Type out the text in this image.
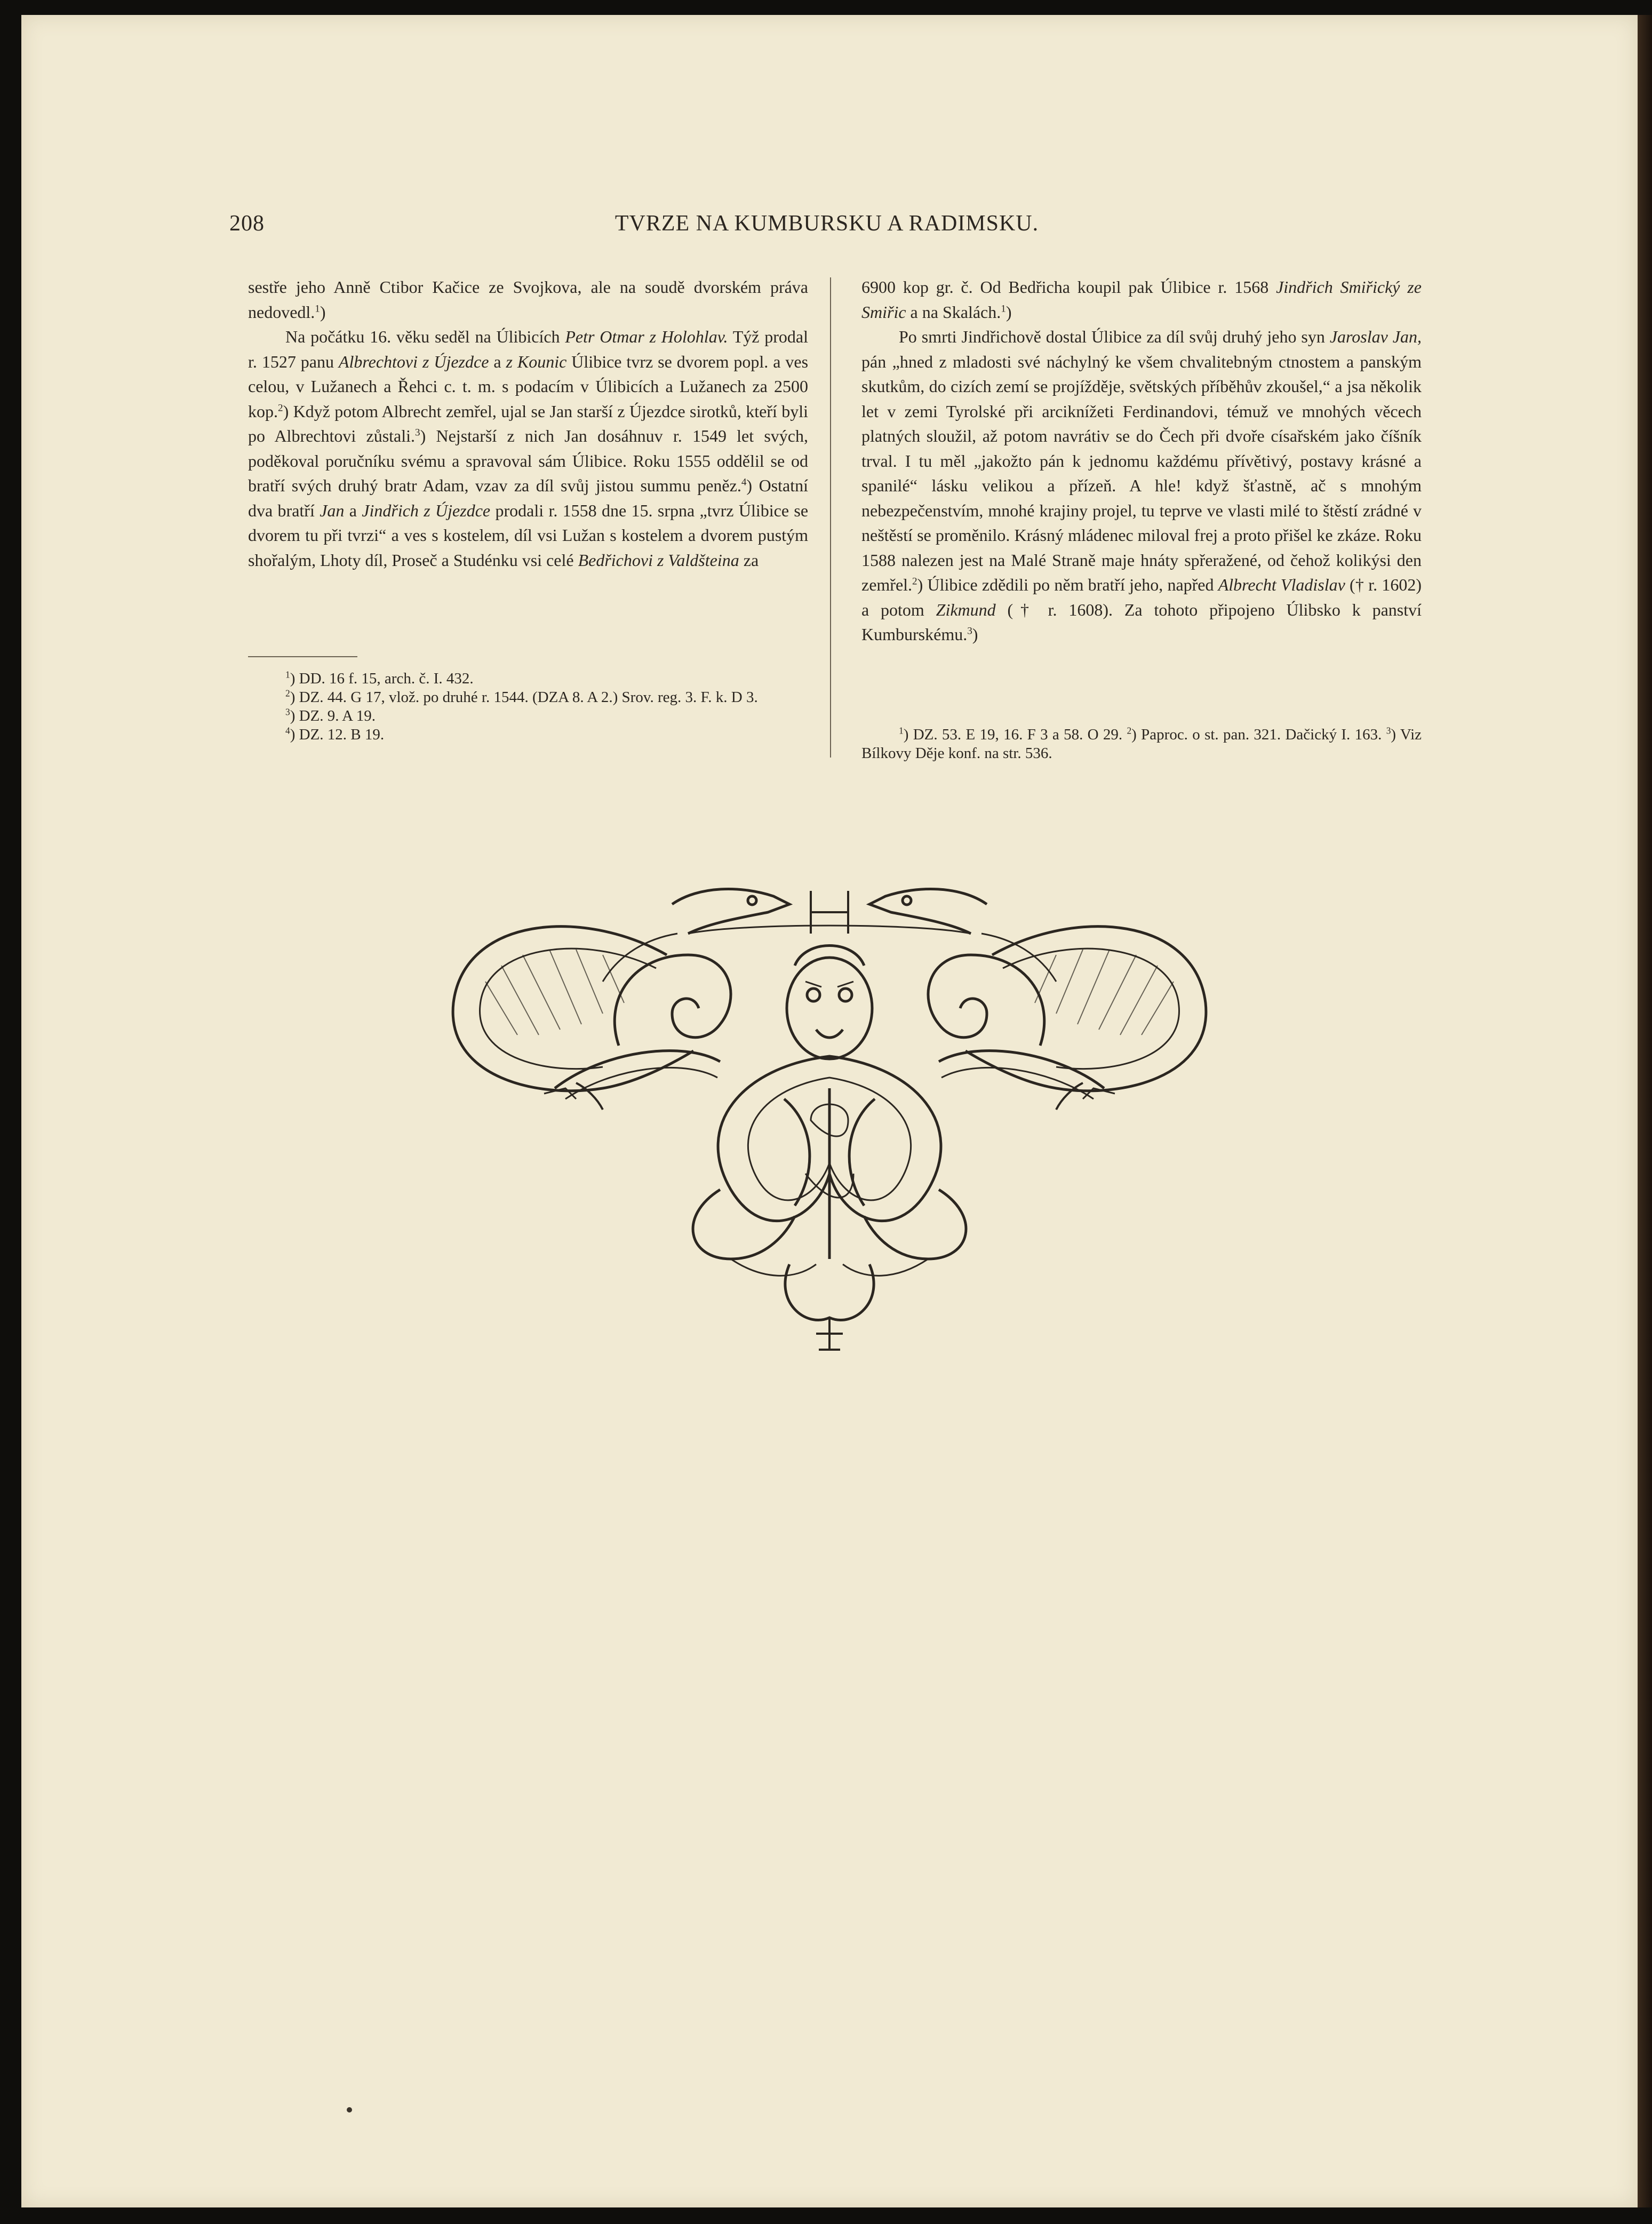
208	TVRZE NA KUMBURSKU A RADIMSKU.

sestře jeho Anně Ctibor Kačice ze Svojkova, ale na soudě dvorském práva nedovedl.$^1$)

Na počátku 16. věku seděl na Úlibicích Petr Otmar z Holohlav. Týž prodal r. 1527 panu Albrechtovi z Újezdce a z Kounic Úlibice tvrz se dvorem popl. a ves celou, v Lužanech a Řehci c. t. m. s podacím v Úlibicích a Lužanech za 2500 kop.$^2$) Když potom Albrecht zemřel, ujal se Jan starší z Újezdce sirotků, kteří byli po Albrechtovi zůstali.$^3$) Nejstarší z nich Jan dosáhnuv r. 1549 let svých, poděkoval poručníku svému a spravoval sám Úlibice. Roku 1555 oddělil se od bratří svých druhý bratr Adam, vzav za díl svůj jistou summu peněz.$^4$) Ostatní dva bratří Jan a Jindřich z Újezdce prodali r. 1558 dne 15. srpna „tvrz Úlibice se dvorem tu při tvrzi“ a ves s kostelem, díl vsi Lužan s kostelem a dvorem pustým shořalým, Lhoty díl, Proseč a Studénku vsi celé Bedřichovi z Valdšteina za

$^1$) DD. 16 f. 15, arch. č. I. 432.

$^2$) DZ. 44. G 17, vlož. po druhé r. 1544. (DZA 8. A 2.) Srov. reg. 3. F. k. D 3.

$^3$) DZ. 9. A 19.

$^4$) DZ. 12. B 19.

6900 kop gr. č. Od Bedřicha koupil pak Úlibice r. 1568 Jindřich Smiřický ze Smiřic a na Skalách.$^1$)

Po smrti Jindřichově dostal Úlibice za díl svůj druhý jeho syn Jaroslav Jan, pán „hned z mladosti své náchylný ke všem chvalitebným ctnostem a panským skutkům, do cizích zemí se projížděje, světských příběhův zkoušel,“ a jsa několik let v zemi Tyrolské při arciknížeti Ferdinandovi, témuž ve mnohých věcech platných sloužil, až potom navrátiv se do Čech při dvoře císařském jako číšník trval. I tu měl „jakožto pán k jednomu každému přívětivý, postavy krásné a spanilé“ lásku velikou a přízeň. A hle! když šťastně, ač s mnohým nebezpečenstvím, mnohé krajiny projel, tu teprve ve vlasti milé to štěstí zrádné v neštěstí se proměnilo. Krásný mládenec miloval frej a proto přišel ke zkáze. Roku 1588 nalezen jest na Malé Straně maje hnáty spřeražené, od čehož kolikýsi den zemřel.$^2$) Úlibice zdědili po něm bratří jeho, napřed Albrecht Vladislav († r. 1602) a potom Zikmund († r. 1608). Za tohoto připojeno Úlibsko k panství Kumburskému.$^3$)

$^1$) DZ. 53. E 19, 16. F 3 a 58. O 29. $^2$) Paproc. o st. pan. 321. Dačický I. 163. $^3$) Viz Bílkovy Děje konf. na str. 536.
